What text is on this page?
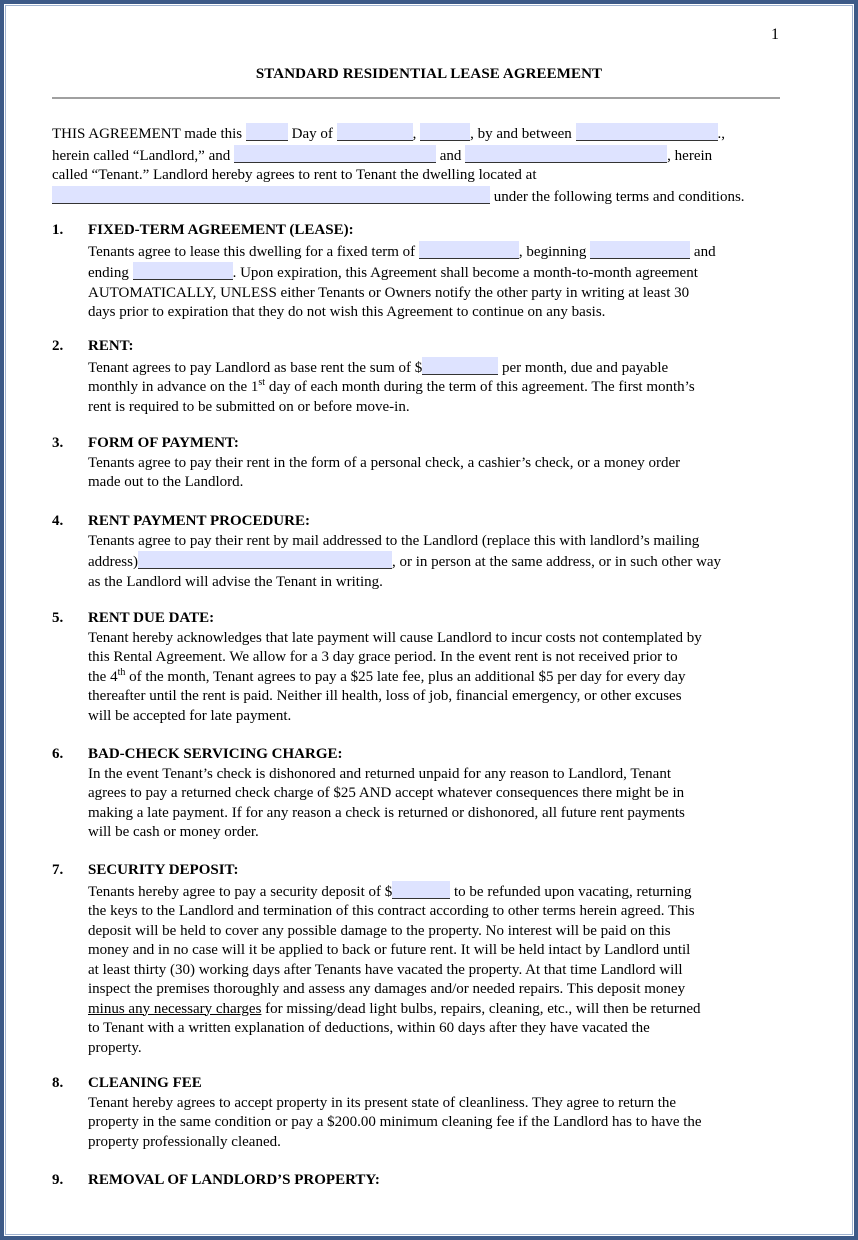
1
STANDARD RESIDENTIAL LEASE AGREEMENT
THIS AGREEMENT made this	Day of	,	, by and between	.,
herein called “Landlord,” and	and	, herein
called “Tenant.” Landlord hereby agrees to rent to Tenant the dwelling located at
under the following terms and conditions.
1. FIXED-TERM AGREEMENT (LEASE):
Tenants agree to lease this dwelling for a fixed term of	, beginning	and
ending	. Upon expiration, this Agreement shall become a month-to-month agreement
AUTOMATICALLY, UNLESS either Tenants or Owners notify the other party in writing at least 30
days prior to expiration that they do not wish this Agreement to continue on any basis.
2. RENT:
Tenant agrees to pay Landlord as base rent the sum of $	per month, due and payable
monthly in advance on the 1st day of each month during the term of this agreement. The first month’s
rent is required to be submitted on or before move-in.
3. FORM OF PAYMENT:
Tenants agree to pay their rent in the form of a personal check, a cashier’s check, or a money order
made out to the Landlord.
4. RENT PAYMENT PROCEDURE:
Tenants agree to pay their rent by mail addressed to the Landlord (replace this with landlord’s mailing
address)	, or in person at the same address, or in such other way
as the Landlord will advise the Tenant in writing.
5. RENT DUE DATE:
Tenant hereby acknowledges that late payment will cause Landlord to incur costs not contemplated by
this Rental Agreement. We allow for a 3 day grace period. In the event rent is not received prior to
the 4th of the month, Tenant agrees to pay a $25 late fee, plus an additional $5 per day for every day
thereafter until the rent is paid. Neither ill health, loss of job, financial emergency, or other excuses
will be accepted for late payment.
6. BAD-CHECK SERVICING CHARGE:
In the event Tenant’s check is dishonored and returned unpaid for any reason to Landlord, Tenant
agrees to pay a returned check charge of $25 AND accept whatever consequences there might be in
making a late payment. If for any reason a check is returned or dishonored, all future rent payments
will be cash or money order.
7. SECURITY DEPOSIT:
Tenants hereby agree to pay a security deposit of $	to be refunded upon vacating, returning
the keys to the Landlord and termination of this contract according to other terms herein agreed. This
deposit will be held to cover any possible damage to the property. No interest will be paid on this
money and in no case will it be applied to back or future rent. It will be held intact by Landlord until
at least thirty (30) working days after Tenants have vacated the property. At that time Landlord will
inspect the premises thoroughly and assess any damages and/or needed repairs. This deposit money
minus any necessary charges for missing/dead light bulbs, repairs, cleaning, etc., will then be returned
to Tenant with a written explanation of deductions, within 60 days after they have vacated the
property.
8. CLEANING FEE
Tenant hereby agrees to accept property in its present state of cleanliness. They agree to return the
property in the same condition or pay a $200.00 minimum cleaning fee if the Landlord has to have the
property professionally cleaned.
9. REMOVAL OF LANDLORD’S PROPERTY:
